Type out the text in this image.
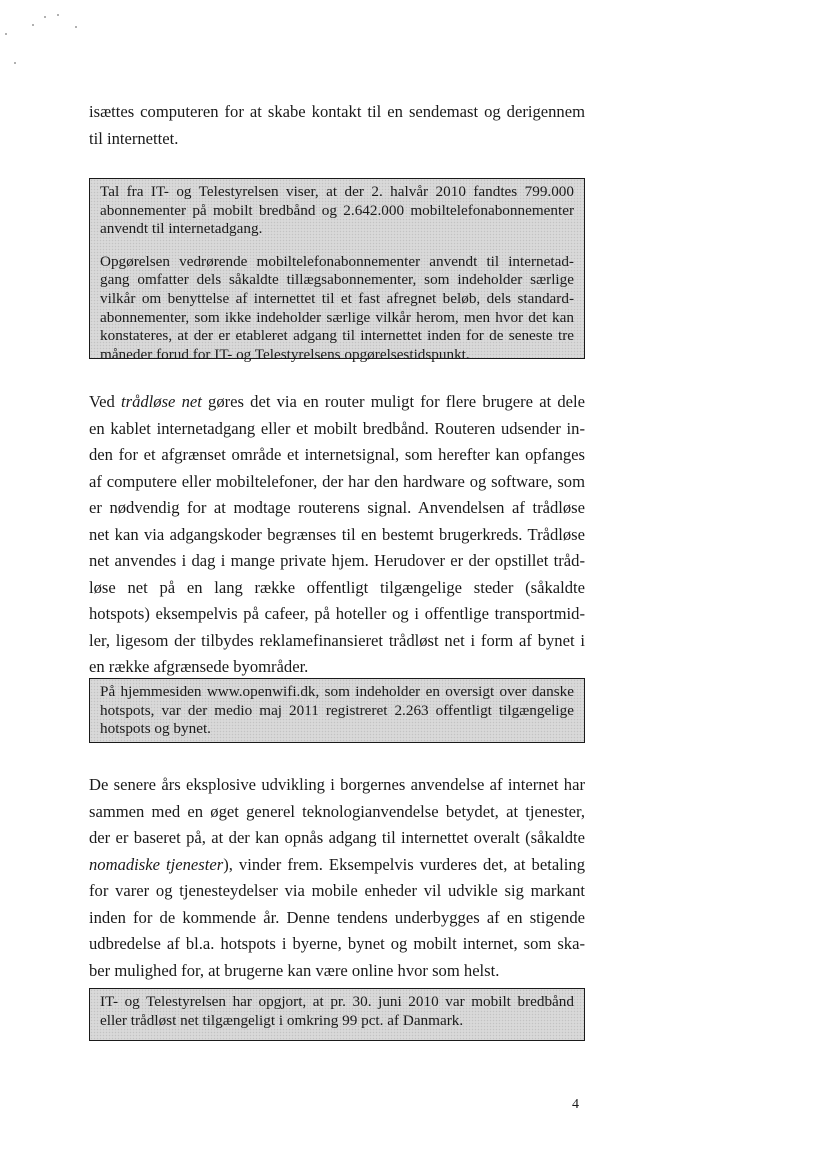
isættes computeren for at skabe kontakt til en sendemast og derigennem
til internettet.
Tal fra IT- og Telestyrelsen viser, at der 2. halvår 2010 fandtes 799.000
abonnementer på mobilt bredbånd og 2.642.000 mobiltelefonabonnementer
anvendt til internetadgang.
Opgørelsen vedrørende mobiltelefonabonnementer anvendt til internetad-
gang omfatter dels såkaldte tillægsabonnementer, som indeholder særlige
vilkår om benyttelse af internettet til et fast afregnet beløb, dels standard-
abonnementer, som ikke indeholder særlige vilkår herom, men hvor det kan
konstateres, at der er etableret adgang til internettet inden for de seneste tre
måneder forud for IT- og Telestyrelsens opgørelsestidspunkt.
Ved trådløse net gøres det via en router muligt for flere brugere at dele
en kablet internetadgang eller et mobilt bredbånd. Routeren udsender in-
den for et afgrænset område et internetsignal, som herefter kan opfanges
af computere eller mobiltelefoner, der har den hardware og software, som
er nødvendig for at modtage routerens signal. Anvendelsen af trådløse
net kan via adgangskoder begrænses til en bestemt brugerkreds. Trådløse
net anvendes i dag i mange private hjem. Herudover er der opstillet tråd-
løse net på en lang række offentligt tilgængelige steder (såkaldte
hotspots) eksempelvis på cafeer, på hoteller og i offentlige transportmid-
ler, ligesom der tilbydes reklamefinansieret trådløst net i form af bynet i
en række afgrænsede byområder.
På hjemmesiden www.openwifi.dk, som indeholder en oversigt over danske
hotspots, var der medio maj 2011 registreret 2.263 offentligt tilgængelige
hotspots og bynet.
De senere års eksplosive udvikling i borgernes anvendelse af internet har
sammen med en øget generel teknologianvendelse betydet, at tjenester,
der er baseret på, at der kan opnås adgang til internettet overalt (såkaldte
nomadiske tjenester), vinder frem. Eksempelvis vurderes det, at betaling
for varer og tjenesteydelser via mobile enheder vil udvikle sig markant
inden for de kommende år. Denne tendens underbygges af en stigende
udbredelse af bl.a. hotspots i byerne, bynet og mobilt internet, som ska-
ber mulighed for, at brugerne kan være online hvor som helst.
IT- og Telestyrelsen har opgjort, at pr. 30. juni 2010 var mobilt bredbånd
eller trådløst net tilgængeligt i omkring 99 pct. af Danmark.
4
